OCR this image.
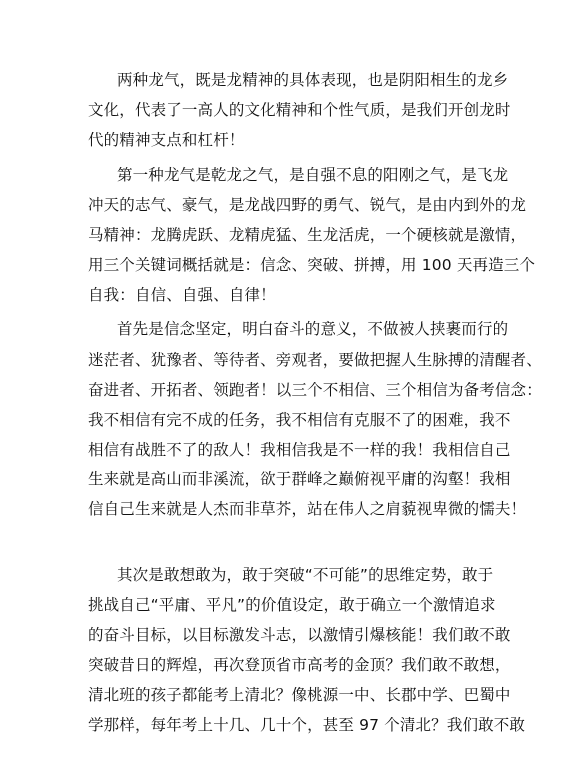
两种龙气，既是龙精神的具体表现，也是阴阳相生的龙乡
文化，代表了一高人的文化精神和个性气质，是我们开创龙时
代的精神支点和杠杆！
第一种龙气是乾龙之气，是自强不息的阳刚之气，是飞龙
冲天的志气、豪气，是龙战四野的勇气、锐气，是由内到外的龙
马精神：龙腾虎跃、龙精虎猛、生龙活虎，一个硬核就是激情，
用三个关键词概括就是：信念、突破、拼搏，用 100 天再造三个
自我：自信、自强、自律！
首先是信念坚定，明白奋斗的意义，不做被人挟裹而行的
迷茫者、犹豫者、等待者、旁观者，要做把握人生脉搏的清醒者、
奋进者、开拓者、领跑者！以三个不相信、三个相信为备考信念：
我不相信有完不成的任务，我不相信有克服不了的困难，我不
相信有战胜不了的敌人！我相信我是不一样的我！我相信自己
生来就是高山而非溪流，欲于群峰之巅俯视平庸的沟壑！我相
信自己生来就是人杰而非草芥，站在伟人之肩藐视卑微的懦夫！
其次是敢想敢为，敢于突破“不可能”的思维定势，敢于
挑战自己“平庸、平凡”的价值设定，敢于确立一个激情追求
的奋斗目标，以目标激发斗志，以激情引爆核能！我们敢不敢
突破昔日的辉煌，再次登顶省市高考的金顶？我们敢不敢想，
清北班的孩子都能考上清北？像桃源一中、长郡中学、巴蜀中
学那样，每年考上十几、几十个，甚至 97 个清北？我们敢不敢
